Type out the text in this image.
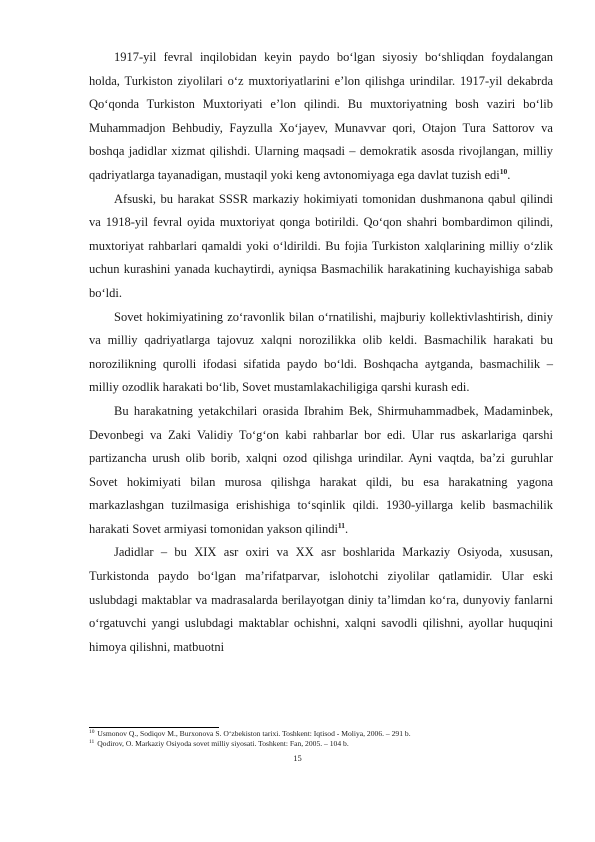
1917-yil fevral inqilobidan keyin paydo bo‘lgan siyosiy bo‘shliqdan foydalangan holda, Turkiston ziyolilari o‘z muxtoriyatlarini e’lon qilishga urindilar. 1917-yil dekabrda Qo‘qonda Turkiston Muxtoriyati e’lon qilindi. Bu muxtoriyatning bosh vaziri bo‘lib Muhammadjon Behbudiy, Fayzulla Xo‘jayev, Munavvar qori, Otajon Tura Sattorov va boshqa jadidlar xizmat qilishdi. Ularning maqsadi – demokratik asosda rivojlangan, milliy qadriyatlarga tayanadigan, mustaqil yoki keng avtonomiyaga ega davlat tuzish edi$^{10}$.

Afsuski, bu harakat SSSR markaziy hokimiyati tomonidan dushmanona qabul qilindi va 1918-yil fevral oyida muxtoriyat qonga botirildi. Qo‘qon shahri bombardimon qilindi, muxtoriyat rahbarlari qamaldi yoki o‘ldirildi. Bu fojia Turkiston xalqlarining milliy o‘zlik uchun kurashini yanada kuchaytirdi, ayniqsa Basmachilik harakatining kuchayishiga sabab bo‘ldi.

Sovet hokimiyatining zo‘ravonlik bilan o‘rnatilishi, majburiy kollektivlashtirish, diniy va milliy qadriyatlarga tajovuz xalqni norozilikka olib keldi. Basmachilik harakati bu norozilikning qurolli ifodasi sifatida paydo bo‘ldi. Boshqacha aytganda, basmachilik – milliy ozodlik harakati bo‘lib, Sovet mustamlakachiligiga qarshi kurash edi.

Bu harakatning yetakchilari orasida Ibrahim Bek, Shirmuhammadbek, Madaminbek, Devonbegi va Zaki Validiy To‘g‘on kabi rahbarlar bor edi. Ular rus askarlariga qarshi partizancha urush olib borib, xalqni ozod qilishga urindilar. Ayni vaqtda, ba’zi guruhlar Sovet hokimiyati bilan murosa qilishga harakat qildi, bu esa harakatning yagona markazlashgan tuzilmasiga erishishiga to‘sqinlik qildi. 1930-yillarga kelib basmachilik harakati Sovet armiyasi tomonidan yakson qilindi$^{11}$.

Jadidlar – bu XIX asr oxiri va XX asr boshlarida Markaziy Osiyoda, xususan, Turkistonda paydo bo‘lgan ma’rifatparvar, islohotchi ziyolilar qatlamidir. Ular eski uslubdagi maktablar va madrasalarda berilayotgan diniy ta’limdan ko‘ra, dunyoviy fanlarni o‘rgatuvchi yangi uslubdagi maktablar ochishni, xalqni savodli qilishni, ayollar huquqini himoya qilishni, matbuotni

$^{10}$ Usmonov Q., Sodiqov M., Burxonova S. O‘zbekiston tarixi. Toshkent: Iqtisod - Moliya, 2006. – 291 b.

$^{11}$ Qodirov, O. Markaziy Osiyoda sovet milliy siyosati. Toshkent: Fan, 2005. – 104 b.

15
